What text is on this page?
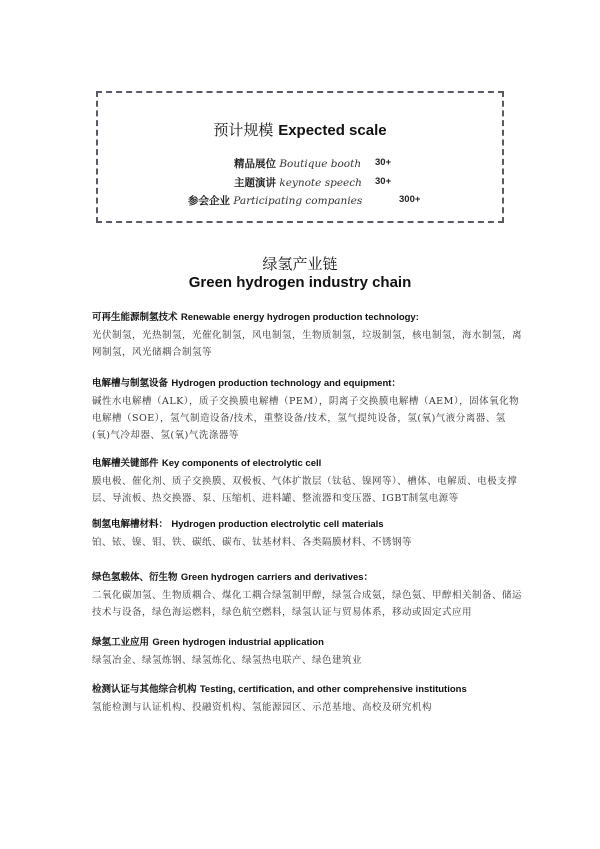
预计规模 Expected scale
精品展位 Boutique booth 30+
主题演讲 keynote speech 30+
参会企业 Participating companies	300+
绿氢产业链
Green hydrogen industry chain
可再生能源制氢技术 Renewable energy hydrogen production technology:
光伏制氢，光热制氢，光催化制氢，风电制氢，生物质制氢，垃圾制氢，核电制氢，海水制氢，离网制氢，风光储耦合制氢等
电解槽与制氢设备 Hydrogen production technology and equipment：
碱性水电解槽（ALK），质子交换膜电解槽（PEM），阴离子交换膜电解槽（AEM），固体氧化物电解槽（SOE），氢气制造设备/技术，重整设备/技术，氢气提纯设备，氢(氧)气液分离器、氢(氧)气冷却器、氢(氧)气洗涤器等
电解槽关键部件 Key components of electrolytic cell
膜电极、催化剂、质子交换膜、双极板、气体扩散层（钛毡、镍网等）、槽体、电解质、电极支撑层、导流板、热交换器、泵、压缩机、进料罐、整流器和变压器、IGBT制氢电源等
制氢电解槽材料： Hydrogen production electrolytic cell materials
铂、铱、镍、钼、铁、碳纸、碳布、钛基材料、各类隔膜材料、不锈钢等
绿色氢载体、衍生物 Green hydrogen carriers and derivatives：
二氧化碳加氢、生物质耦合、煤化工耦合绿氢制甲醇，绿氢合成氨，绿色氨、甲醇相关制备、储运技术与设备，绿色海运燃料，绿色航空燃料，绿氢认证与贸易体系，移动或固定式应用
绿氢工业应用 Green hydrogen industrial application
绿氢冶金、绿氢炼钢、绿氢炼化、绿氢热电联产、绿色建筑业
检测认证与其他综合机构 Testing, certification, and other comprehensive institutions
氢能检测与认证机构、投融资机构、氢能源园区、示范基地、高校及研究机构
